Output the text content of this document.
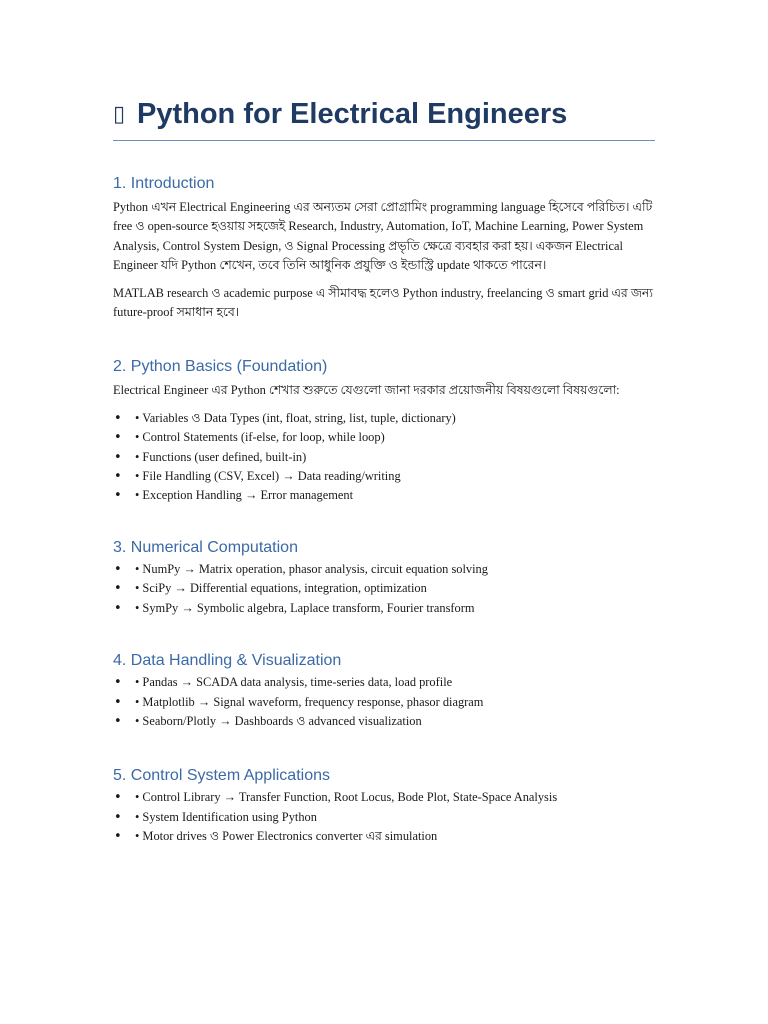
▯ Python for Electrical Engineers
1. Introduction

Python এখন Electrical Engineering এর অন্যতম সেরা প্রোগ্রামিং programming language হিসেবে পরিচিত। এটি free ও open-source হওয়ায় সহজেই Research, Industry, Automation, IoT, Machine Learning, Power System Analysis, Control System Design, ও Signal Processing প্রভৃতি ক্ষেত্রে ব্যবহার করা হয়। একজন Electrical Engineer যদি Python শেখেন, তবে তিনি আধুনিক প্রযুক্তি ও ইন্ডাস্ট্রি update থাকতে পারেন।

MATLAB research ও academic purpose এ সীমাবদ্ধ হলেও Python industry, freelancing ও smart grid এর জন্য future-proof সমাধান হবে।

2. Python Basics (Foundation)

Electrical Engineer এর Python শেখার শুরুতে যেগুলো জানা দরকার প্রয়োজনীয় বিষয়গুলো বিষয়গুলো:

• • Variables ও Data Types (int, float, string, list, tuple, dictionary)
• • Control Statements (if-else, for loop, while loop)
• • Functions (user defined, built-in)
• • File Handling (CSV, Excel) → Data reading/writing
• • Exception Handling → Error management
3. Numerical Computation
• • NumPy → Matrix operation, phasor analysis, circuit equation solving
• • SciPy → Differential equations, integration, optimization
• • SymPy → Symbolic algebra, Laplace transform, Fourier transform
4. Data Handling & Visualization
• • Pandas → SCADA data analysis, time-series data, load profile
• • Matplotlib → Signal waveform, frequency response, phasor diagram
• • Seaborn/Plotly → Dashboards ও advanced visualization
5. Control System Applications
• • Control Library → Transfer Function, Root Locus, Bode Plot, State-Space Analysis
• • System Identification using Python
• • Motor drives ও Power Electronics converter এর simulation
